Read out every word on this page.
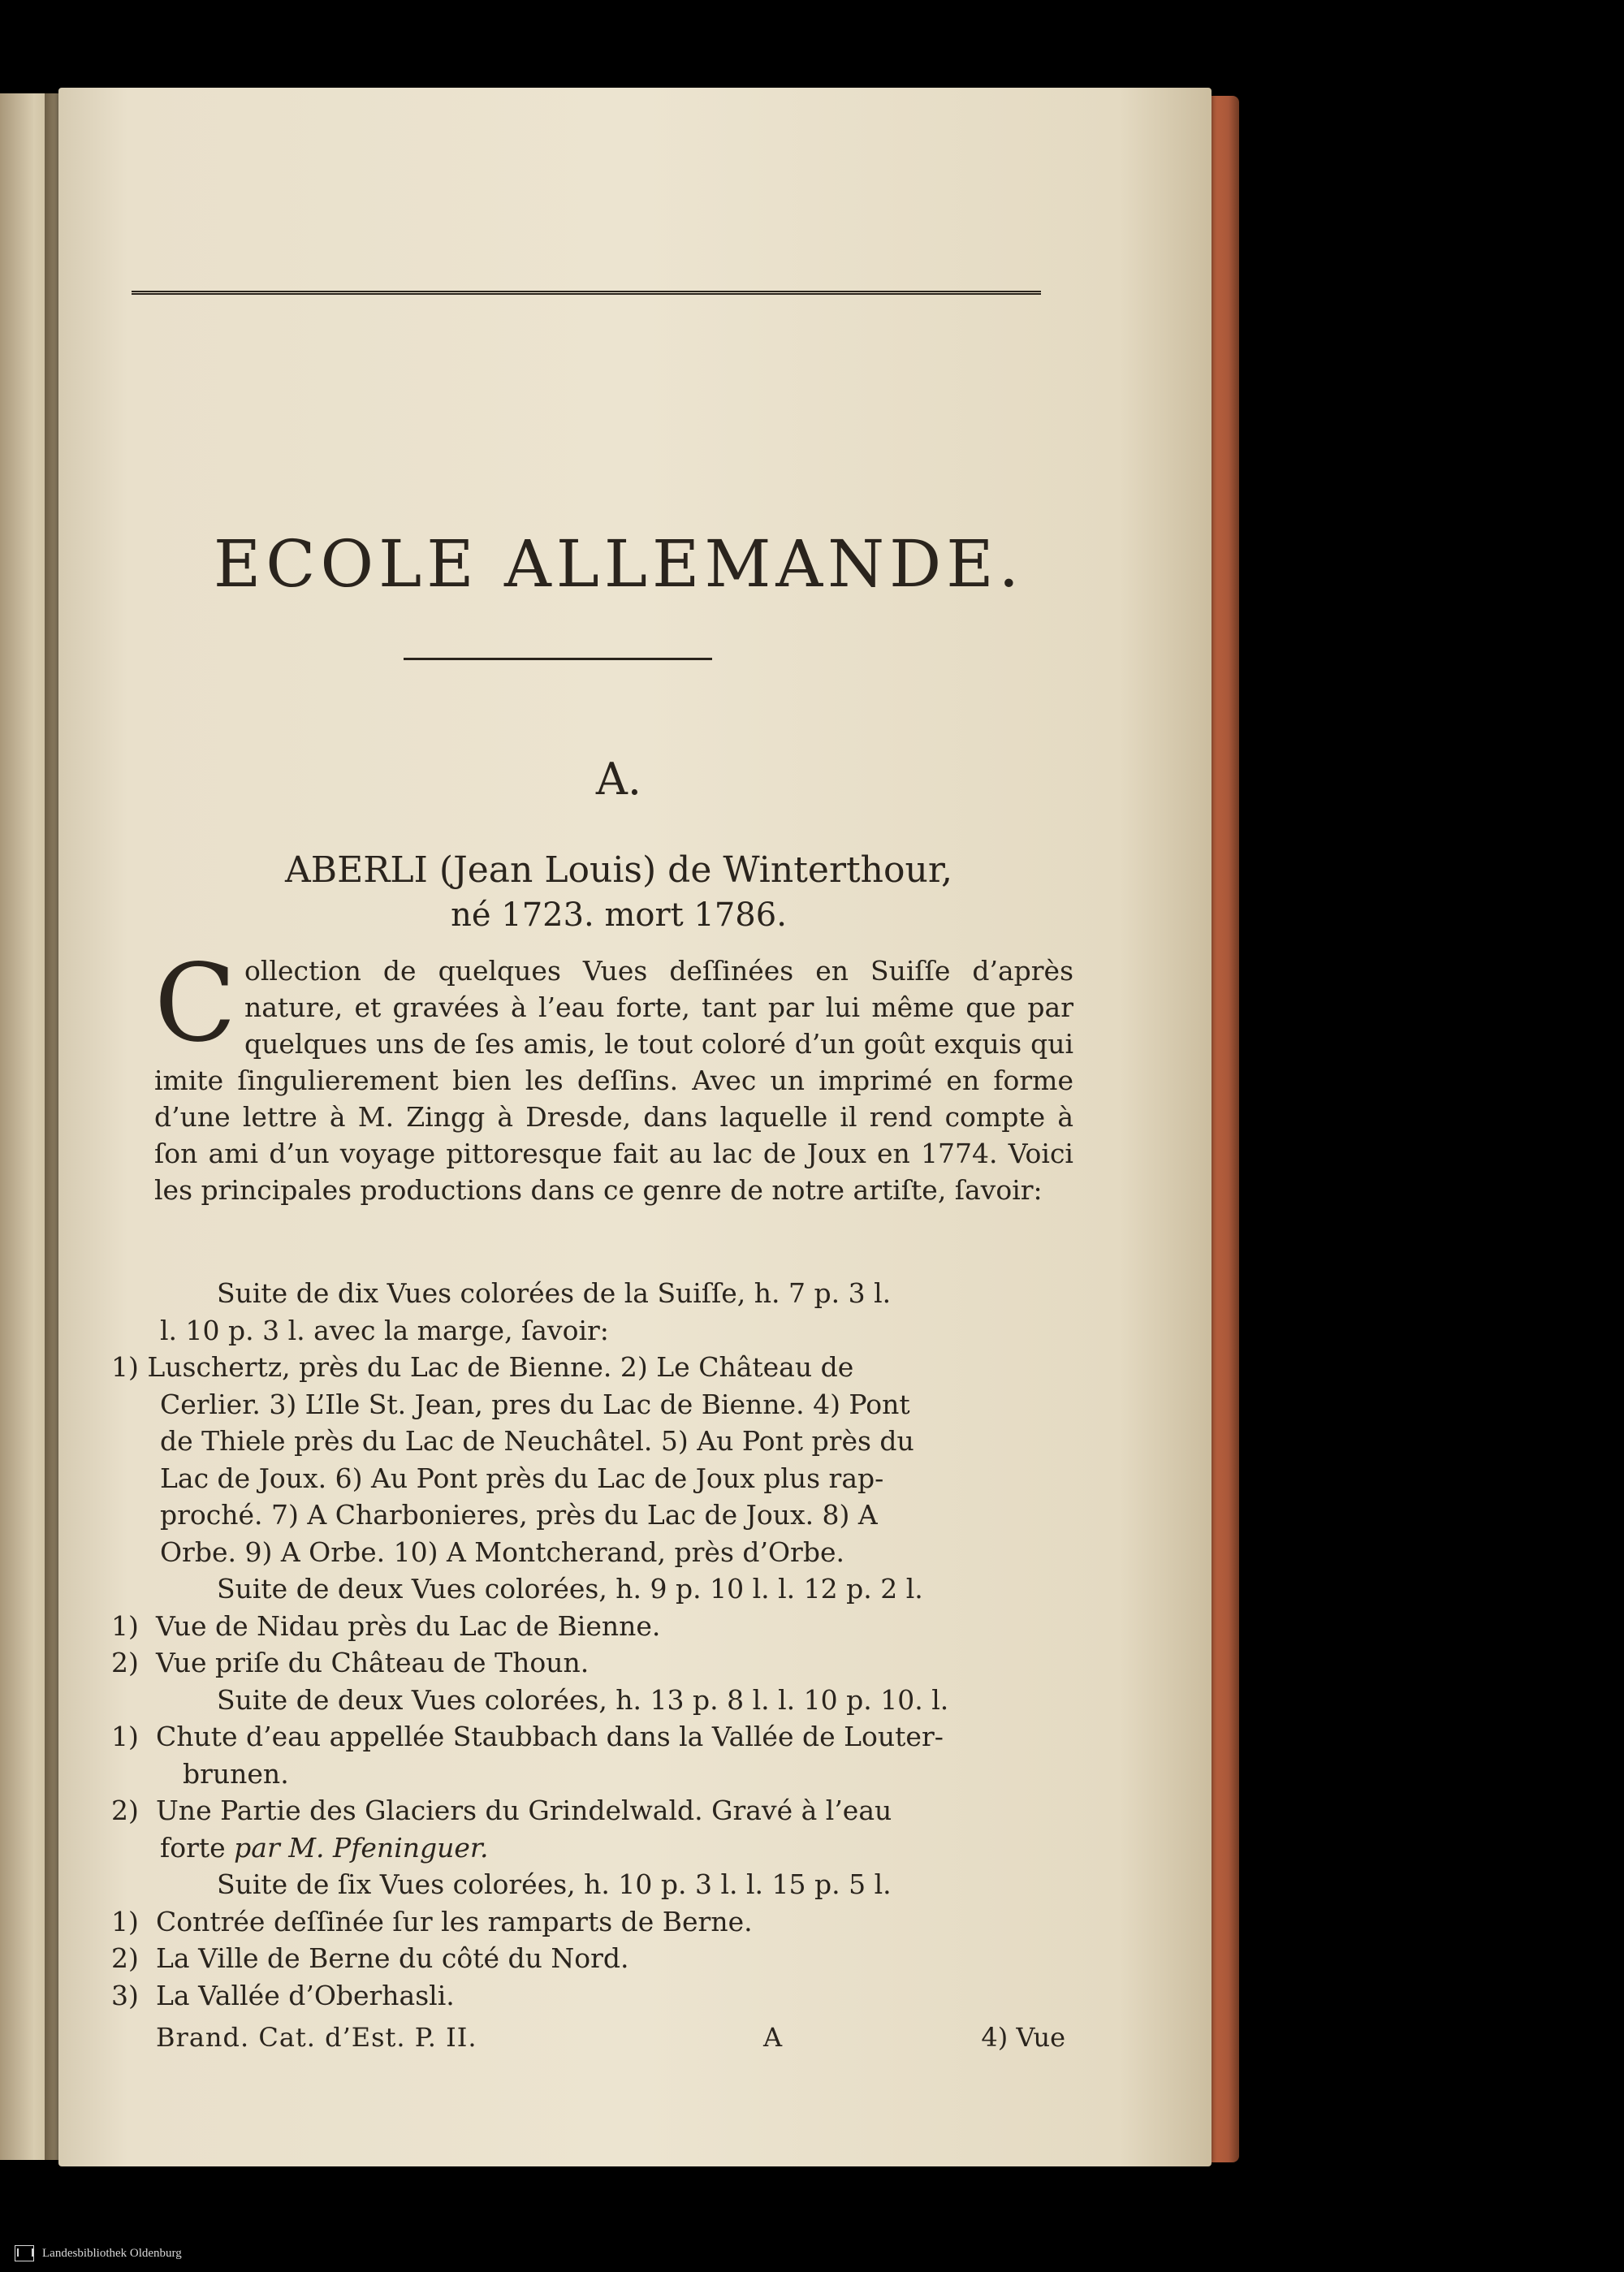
ECOLE ALLEMANDE.
A.
ABERLI (Jean Louis) de Winterthour,
né 1723. mort 1786.
Collection de quelques Vues deſſinées en Suiſſe d’après nature, et gravées à l’eau forte, tant par lui même que par quelques uns de ſes amis, le tout coloré d’un goût exquis qui imite ſingulierement bien les deſſins. Avec un imprimé en forme d’une lettre à M. Zingg à Dresde, dans laquelle il rend compte à ſon ami d’un voyage pittoresque fait au lac de Joux en 1774. Voici les principales productions dans ce genre de notre artiſte, ſavoir:
Suite de dix Vues colorées de la Suiſſe, h. 7 p. 3 l.
l. 10 p. 3 l. avec la marge, ſavoir:
1) Luschertz, près du Lac de Bienne. 2) Le Château de
Cerlier. 3) L’Ile St. Jean, pres du Lac de Bienne. 4) Pont
de Thiele près du Lac de Neuchâtel. 5) Au Pont près du
Lac de Joux. 6) Au Pont près du Lac de Joux plus rap-
proché. 7) A Charbonieres, près du Lac de Joux. 8) A
Orbe. 9) A Orbe. 10) A Montcherand, près d’Orbe.
Suite de deux Vues colorées, h. 9 p. 10 l. l. 12 p. 2 l.
1) Vue de Nidau près du Lac de Bienne.
2) Vue priſe du Château de Thoun.
Suite de deux Vues colorées, h. 13 p. 8 l. l. 10 p. 10. l.
1) Chute d’eau appellée Staubbach dans la Vallée de Louter-
brunen.
2) Une Partie des Glaciers du Grindelwald. Gravé à l’eau
forte par M. Pfeninguer.
Suite de ſix Vues colorées, h. 10 p. 3 l. l. 15 p. 5 l.
1) Contrée deſſinée ſur les ramparts de Berne.
2) La Ville de Berne du côté du Nord.
3) La Vallée d’Oberhasli.
Brand. Cat. d’Est. P. II.	A	4) Vue
Landesbibliothek Oldenburg
